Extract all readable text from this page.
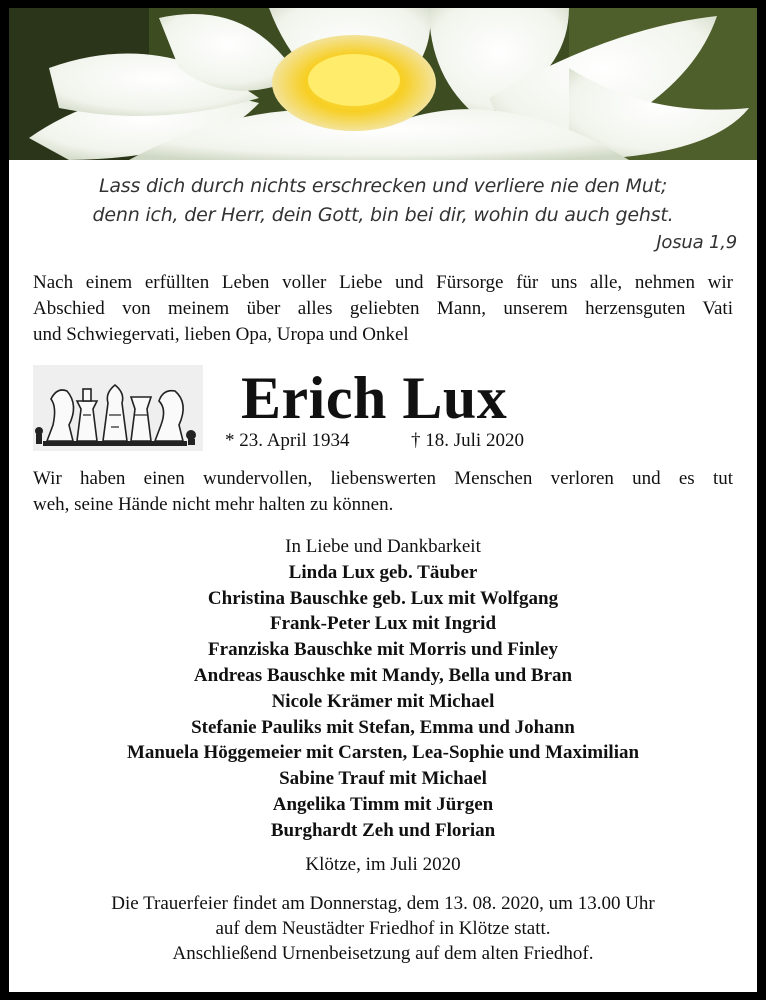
Lass dich durch nichts erschrecken und verliere nie den Mut;
denn ich, der Herr, dein Gott, bin bei dir, wohin du auch gehst.
Josua 1,9
Nach einem erfüllten Leben voller Liebe und Fürsorge für uns alle, nehmen wir
Abschied von meinem über alles geliebten Mann, unserem herzensguten Vati
und Schwiegervati, lieben Opa, Uropa und Onkel
Erich Lux
* 23. April 1934	† 18. Juli 2020
Wir haben einen wundervollen, liebenswerten Menschen verloren und es tut
weh, seine Hände nicht mehr halten zu können.
In Liebe und Dankbarkeit
Linda Lux geb. Täuber
Christina Bauschke geb. Lux mit Wolfgang
Frank-Peter Lux mit Ingrid
Franziska Bauschke mit Morris und Finley
Andreas Bauschke mit Mandy, Bella und Bran
Nicole Krämer mit Michael
Stefanie Pauliks mit Stefan, Emma und Johann
Manuela Höggemeier mit Carsten, Lea-Sophie und Maximilian
Sabine Trauf mit Michael
Angelika Timm mit Jürgen
Burghardt Zeh und Florian
Klötze, im Juli 2020
Die Trauerfeier findet am Donnerstag, dem 13. 08. 2020, um 13.00 Uhr
auf dem Neustädter Friedhof in Klötze statt.
Anschließend Urnenbeisetzung auf dem alten Friedhof.
